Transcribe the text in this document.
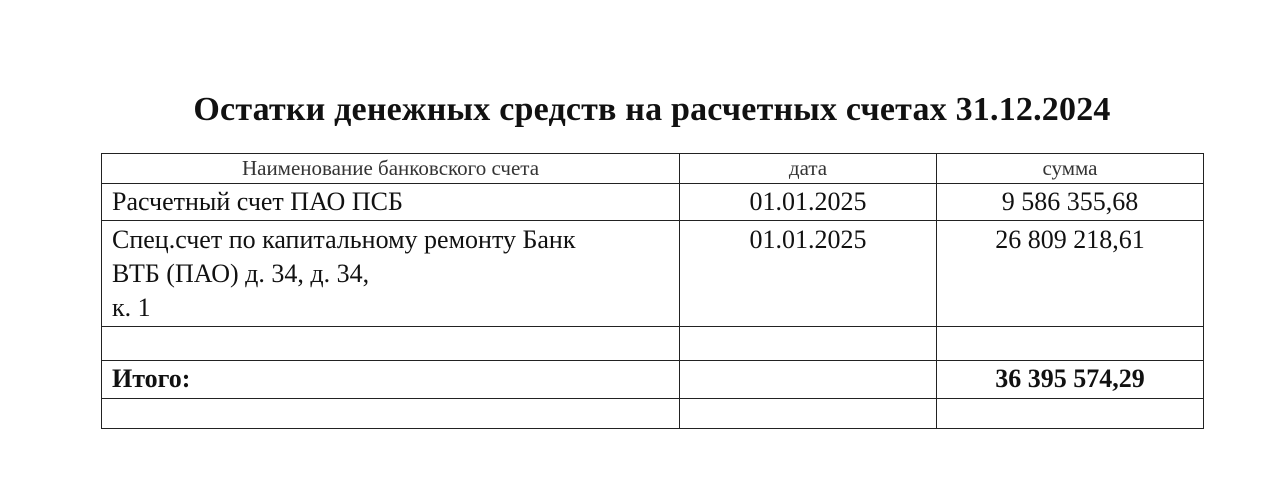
Остатки денежных средств на расчетных счетах 31.12.2024
Наименование банковского счета	дата	сумма
Расчетный счет ПАО ПСБ	01.01.2025	9 586 355,68

Спец.счет по капитальному ремонту Банк
ВТБ (ПАО) д. 34, д. 34,
к. 1	01.01.2025	26 809 218,61

Итого:		36 395 574,29
